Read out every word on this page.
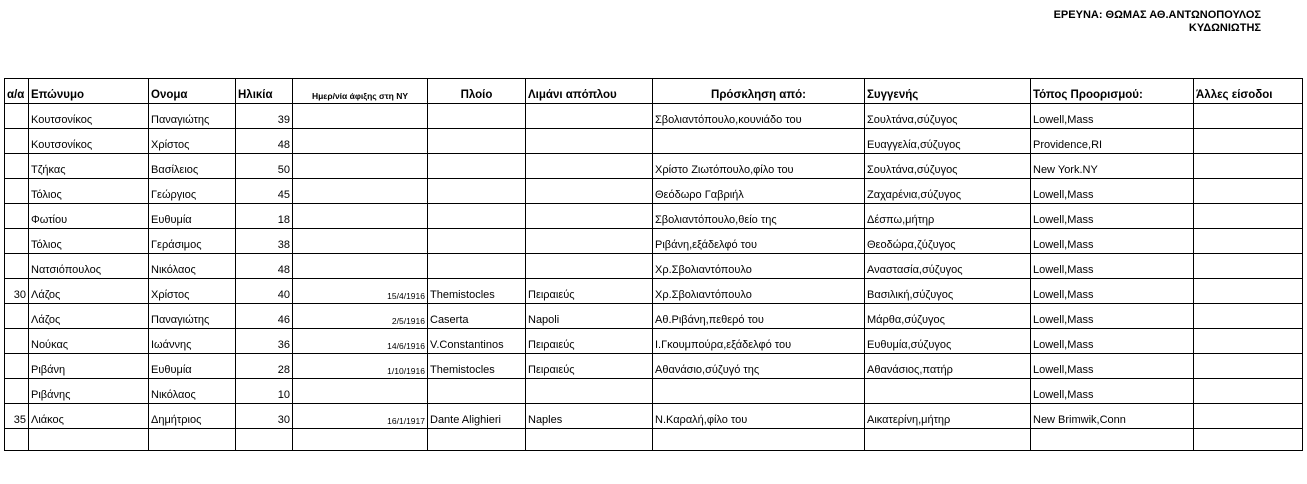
ΕΡΕΥΝΑ: ΘΩΜΑΣ ΑΘ.ΑΝΤΩΝΟΠΟΥΛΟΣ
ΚΥΔΩΝΙΩΤΗΣ
α/α	Επώνυμο	Ονομα	Ηλικία	Ημερ/νία άφιξης στη ΝΥ	Πλοίο	Λιμάνι απόπλου	Πρόσκληση από:	Συγγενής	Τόπος Προορισμού:	Άλλες είσοδοι
	Κουτσονίκος	Παναγιώτης	39				Σβολιαντόπουλο,κουνιάδο του	Σουλτάνα,σύζυγος	Lowell,Mass	
	Κουτσονίκος	Χρίστος	48					Ευαγγελία,σύζυγος	Providence,RI	
	Τζήκας	Βασίλειος	50				Χρίστο Ζιωτόπουλο,φίλο του	Σουλτάνα,σύζυγος	New York.NY	
	Τόλιος	Γεώργιος	45				Θεόδωρο Γαβριήλ	Ζαχαρένια,σύζυγος	Lowell,Mass	
	Φωτίου	Ευθυμία	18				Σβολιαντόπουλο,θείο της	Δέσπω,μήτηρ	Lowell,Mass	
	Τόλιος	Γεράσιμος	38				Ριβάνη,εξάδελφό του	Θεοδώρα,ζύζυγος	Lowell,Mass	
	Νατσιόπουλος	Νικόλαος	48				Χρ.Σβολιαντόπουλο	Αναστασία,σύζυγος	Lowell,Mass	
30	Λάζος	Χρίστος	40	15/4/1916	Themistocles	Πειραιεύς	Χρ.Σβολιαντόπουλο	Βασιλική,σύζυγος	Lowell,Mass	
	Λάζος	Παναγιώτης	46	2/5/1916	Caserta	Napoli	Αθ.Ριβάνη,πεθερό του	Μάρθα,σύζυγος	Lowell,Mass	
	Νούκας	Ιωάννης	36	14/6/1916	V.Constantinos	Πειραιεύς	Ι.Γκουμπούρα,εξάδελφό του	Ευθυμία,σύζυγος	Lowell,Mass	
	Ριβάνη	Ευθυμία	28	1/10/1916	Themistocles	Πειραιεύς	Αθανάσιο,σύζυγό της	Αθανάσιος,πατήρ	Lowell,Mass	
	Ριβάνης	Νικόλαος	10						Lowell,Mass	
35	Λιάκος	Δημήτριος	30	16/1/1917	Dante Alighieri	Naples	Ν.Καραλή,φίλο του	Αικατερίνη,μήτηρ	New Brimwik,Conn	
